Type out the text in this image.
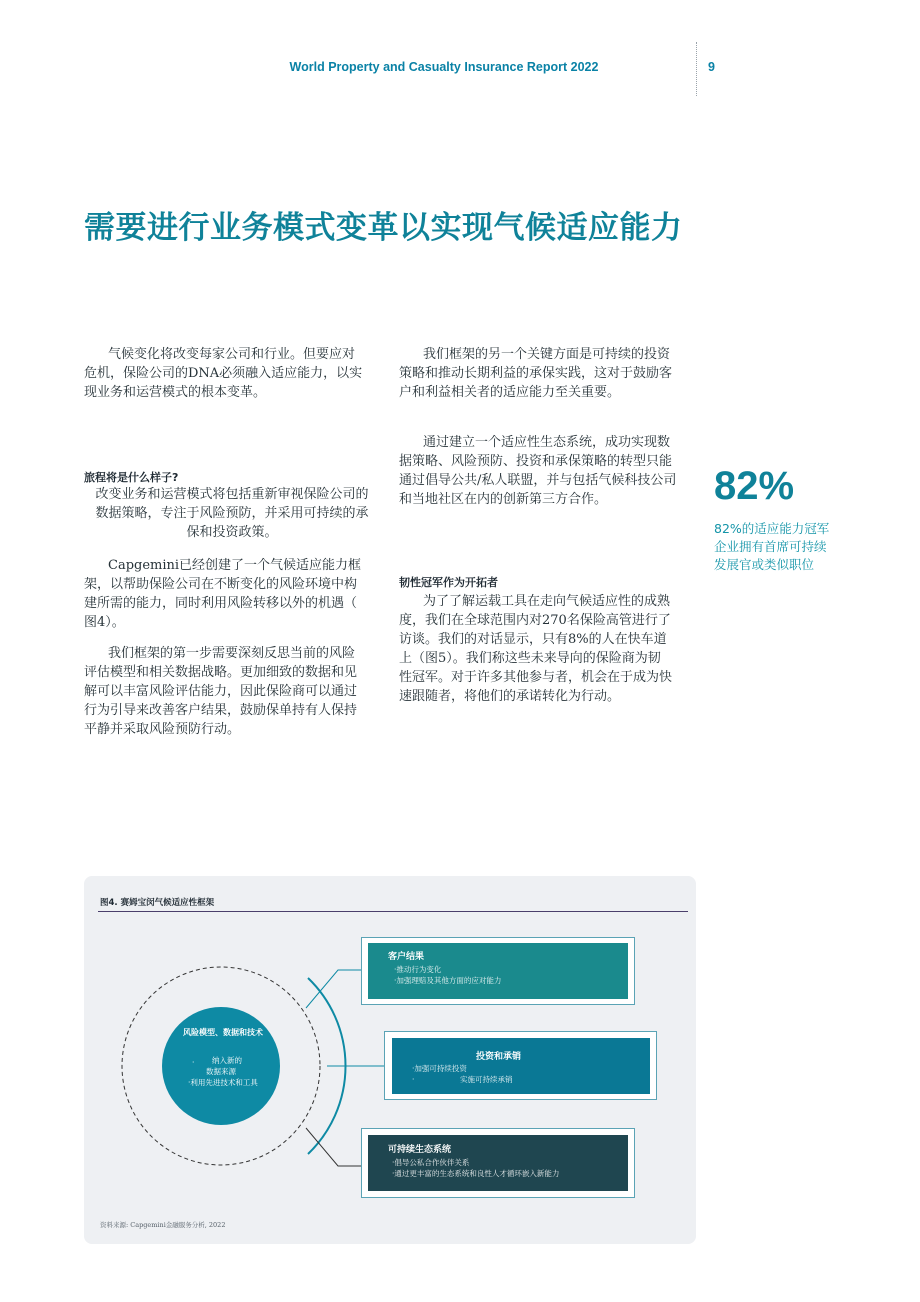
World Property and Casualty Insurance Report 2022	9
需要进行业务模式变革以实现气候适应能力

气候变化将改变每家公司和行业。但要应对

危机，保险公司的DNA必须融入适应能力，以实

现业务和运营模式的根本变革。

旅程将是什么样子?

改变业务和运营模式将包括重新审视保险公司的

数据策略，专注于风险预防，并采用可持续的承

保和投资政策。

Capgemini已经创建了一个气候适应能力框

架，以帮助保险公司在不断变化的风险环境中构

建所需的能力，同时利用风险转移以外的机遇（

图4）。

我们框架的第一步需要深刻反思当前的风险

评估模型和相关数据战略。更加细致的数据和见

解可以丰富风险评估能力，因此保险商可以通过

行为引导来改善客户结果，鼓励保单持有人保持

平静并采取风险预防行动。

我们框架的另一个关键方面是可持续的投资

策略和推动长期利益的承保实践，这对于鼓励客

户和利益相关者的适应能力至关重要。

通过建立一个适应性生态系统，成功实现数

据策略、风险预防、投资和承保策略的转型只能

通过倡导公共/私人联盟，并与包括气候科技公司

和当地社区在内的创新第三方合作。

韧性冠军作为开拓者

为了了解运载工具在走向气候适应性的成熟

度，我们在全球范围内对270名保险高管进行了

访谈。我们的对话显示，只有8%的人在快车道

上（图5）。我们称这些未来导向的保险商为韧

性冠军。对于许多其他参与者，机会在于成为快

速跟随者，将他们的承诺转化为行动。

82%
82%的适应能力冠军
企业拥有首席可持续
发展官或类似职位
图4. 赛姆宝闵气候适应性框架
风险模型、数据和技术
· 纳入新的
数据来源
·利用先进技术和工具

客户结果

·推动行为变化

·加强理赔及其他方面的应对能力

投资和承销

·加强可持续投资

·	实施可持续承销

可持续生态系统

·倡导公私合作伙伴关系

·通过更丰富的生态系统和良性人才循环嵌入新能力

资料来源: Capgemini金融服务分析, 2022
